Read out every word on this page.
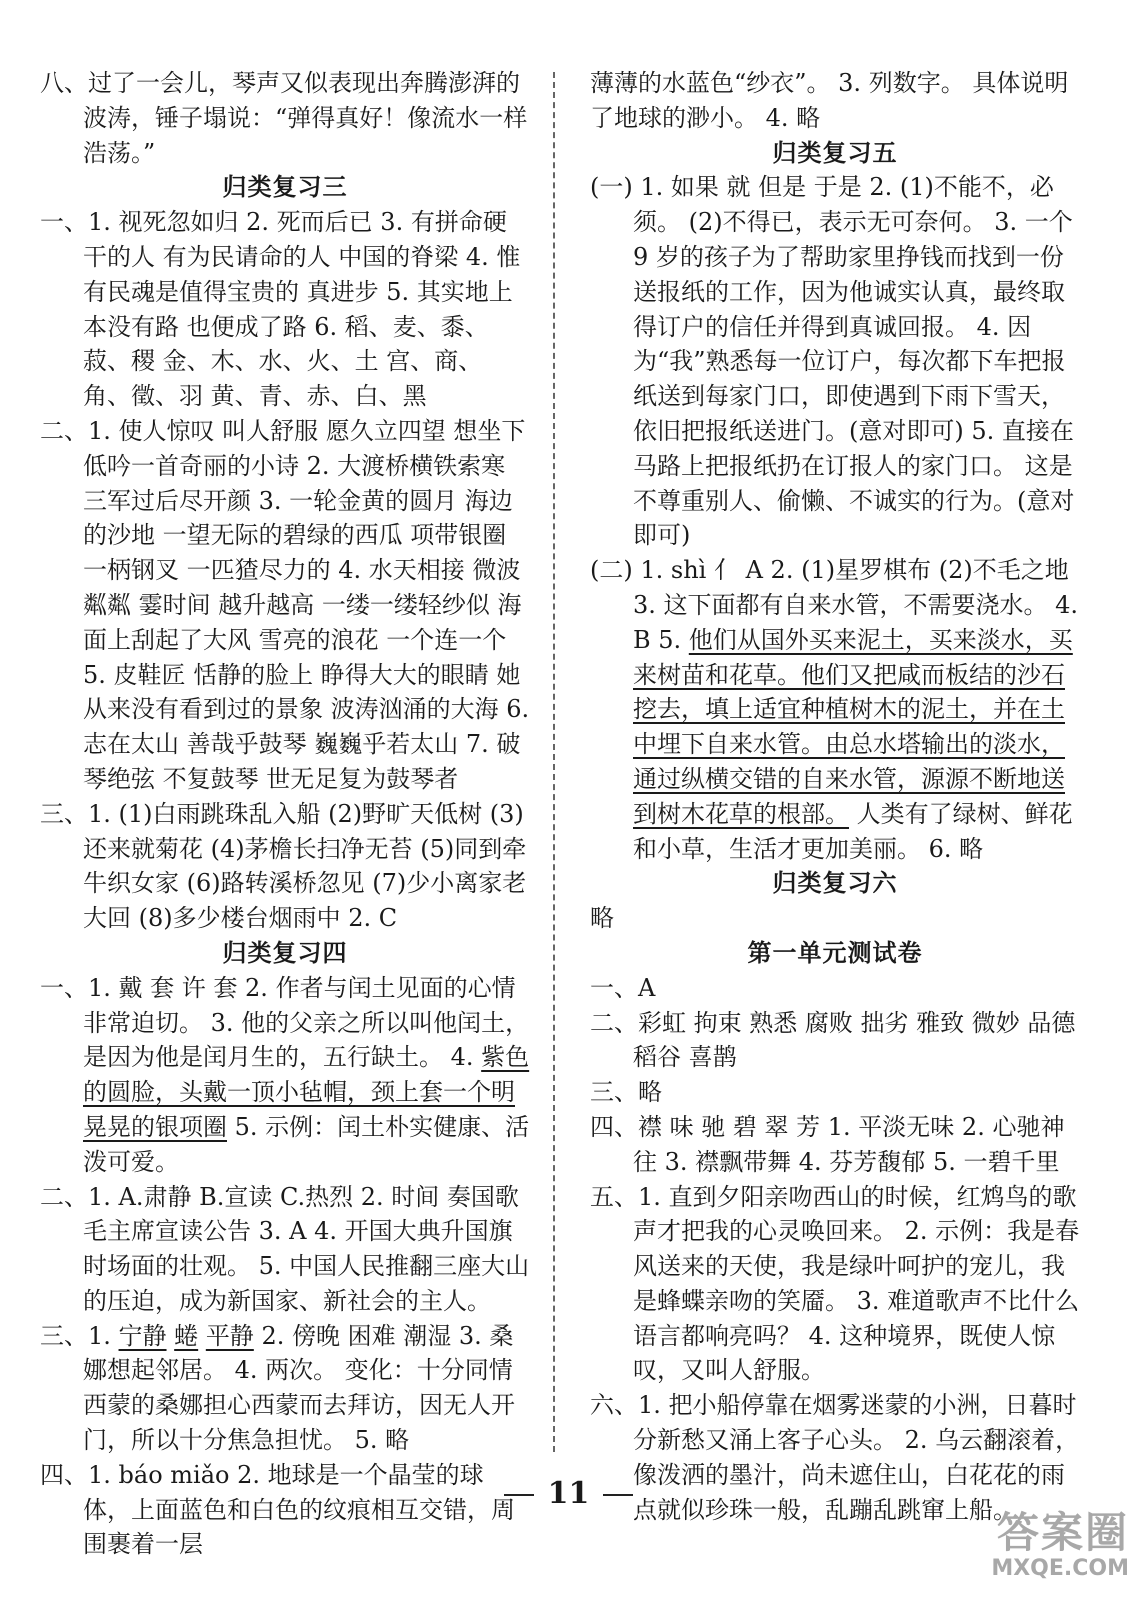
八、过了一会儿，琴声又似表现出奔腾澎湃的波涛，锤子塌说：“弹得真好！像流水一样浩荡。”

归类复习三

一、1. 视死忽如归 2. 死而后已 3. 有拼命硬干的人 有为民请命的人 中国的脊梁 4. 惟有民魂是值得宝贵的 真进步 5. 其实地上本没有路 也便成了路 6. 稻、麦、黍、菽、稷 金、木、水、火、土 宫、商、角、徵、羽 黄、青、赤、白、黑

二、1. 使人惊叹 叫人舒服 愿久立四望 想坐下低吟一首奇丽的小诗 2. 大渡桥横铁索寒 三军过后尽开颜 3. 一轮金黄的圆月 海边的沙地 一望无际的碧绿的西瓜 项带银圈 一柄钢叉 一匹猹尽力的 4. 水天相接 微波粼粼 霎时间 越升越高 一缕一缕轻纱似 海面上刮起了大风 雪亮的浪花 一个连一个 5. 皮鞋匠 恬静的脸上 睁得大大的眼睛 她从来没有看到过的景象 波涛汹涌的大海 6. 志在太山 善哉乎鼓琴 巍巍乎若太山 7. 破琴绝弦 不复鼓琴 世无足复为鼓琴者

三、1. (1)白雨跳珠乱入船 (2)野旷天低树 (3)还来就菊花 (4)茅檐长扫净无苔 (5)同到牵牛织女家 (6)路转溪桥忽见 (7)少小离家老大回 (8)多少楼台烟雨中 2. C

归类复习四

一、1. 戴 套 许 套 2. 作者与闰土见面的心情非常迫切。 3. 他的父亲之所以叫他闰土，是因为他是闰月生的，五行缺土。 4. 紫色的圆脸，头戴一顶小毡帽，颈上套一个明晃晃的银项圈 5. 示例：闰土朴实健康、活泼可爱。

二、1. A.肃静 B.宣读 C.热烈 2. 时间 奏国歌 毛主席宣读公告 3. A 4. 开国大典升国旗时场面的壮观。 5. 中国人民推翻三座大山的压迫，成为新国家、新社会的主人。

三、1. 宁静 蜷 平静 2. 傍晚 困难 潮湿 3. 桑娜想起邻居。 4. 两次。 变化：十分同情西蒙的桑娜担心西蒙而去拜访，因无人开门，所以十分焦急担忧。 5. 略

四、1. báo miǎo 2. 地球是一个晶莹的球体，上面蓝色和白色的纹痕相互交错，周围裹着一层

薄薄的水蓝色“纱衣”。 3. 列数字。 具体说明了地球的渺小。 4. 略

归类复习五

(一) 1. 如果 就 但是 于是 2. (1)不能不，必须。 (2)不得已，表示无可奈何。 3. 一个 9 岁的孩子为了帮助家里挣钱而找到一份送报纸的工作，因为他诚实认真，最终取得订户的信任并得到真诚回报。 4. 因为“我”熟悉每一位订户，每次都下车把报纸送到每家门口，即使遇到下雨下雪天，依旧把报纸送进门。(意对即可) 5. 直接在马路上把报纸扔在订报人的家门口。 这是不尊重别人、偷懒、不诚实的行为。(意对即可)

(二) 1. shì 亻 A 2. (1)星罗棋布 (2)不毛之地 3. 这下面都有自来水管，不需要浇水。 4. B 5. 他们从国外买来泥土，买来淡水，买来树苗和花草。他们又把咸而板结的沙石挖去，填上适宜种植树木的泥土，并在土中埋下自来水管。由总水塔输出的淡水，通过纵横交错的自来水管，源源不断地送到树木花草的根部。 人类有了绿树、鲜花和小草，生活才更加美丽。 6. 略

归类复习六

略

第一单元测试卷

一、A

二、彩虹 拘束 熟悉 腐败 拙劣 雅致 微妙 品德 稻谷 喜鹊

三、略

四、襟 味 驰 碧 翠 芳 1. 平淡无味 2. 心驰神往 3. 襟飘带舞 4. 芬芳馥郁 5. 一碧千里

五、1. 直到夕阳亲吻西山的时候，红鸩鸟的歌声才把我的心灵唤回来。 2. 示例：我是春风送来的天使，我是绿叶呵护的宠儿，我是蜂蝶亲吻的笑靥。 3. 难道歌声不比什么语言都响亮吗？ 4. 这种境界，既使人惊叹，又叫人舒服。

六、1. 把小船停靠在烟雾迷蒙的小洲，日暮时分新愁又涌上客子心头。 2. 乌云翻滚着，像泼洒的墨汁，尚未遮住山，白花花的雨点就似珍珠一般，乱蹦乱跳窜上船。

11
答案圈
MXQE.COM
